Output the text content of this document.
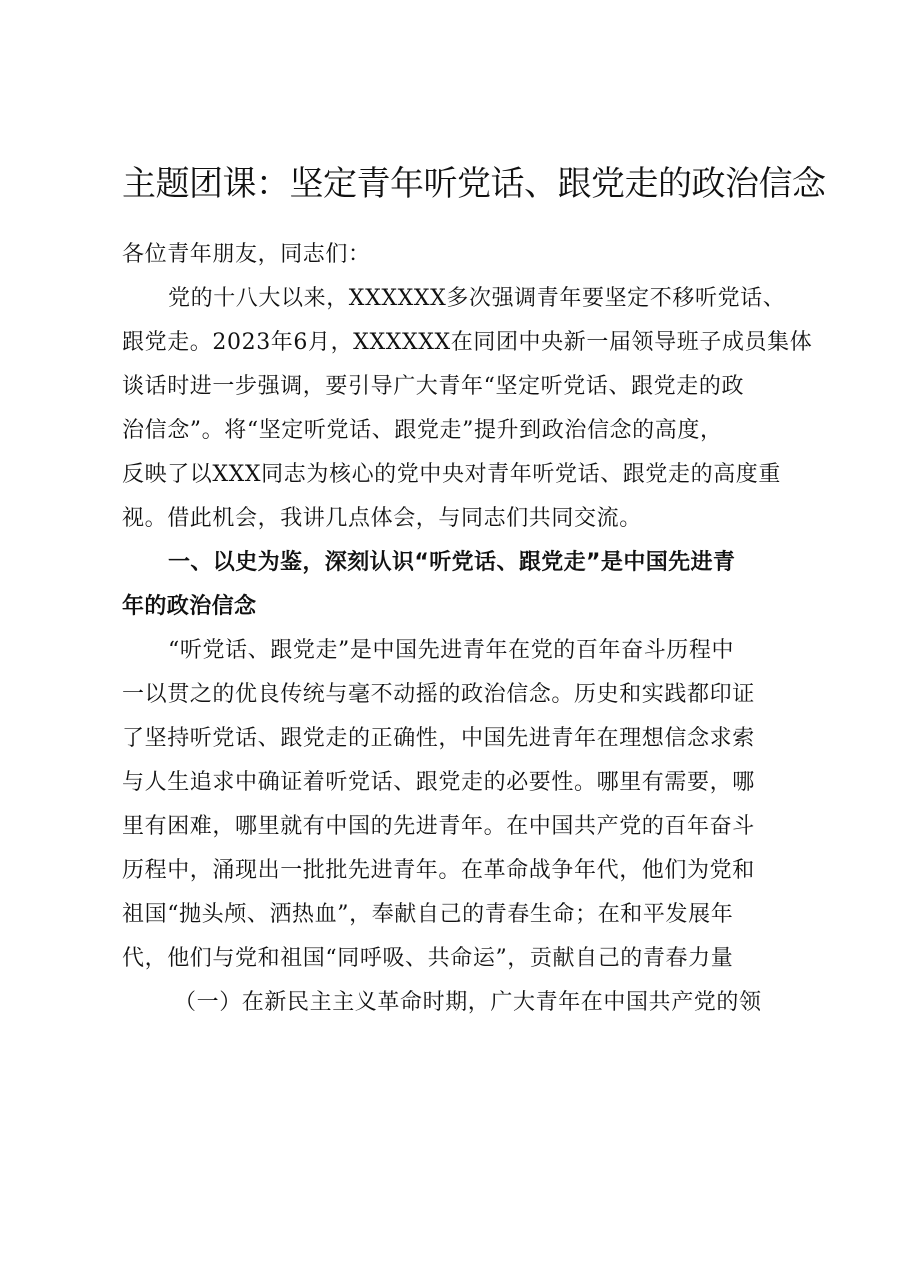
主题团课：坚定青年听党话、跟党走的政治信念
各位青年朋友，同志们：
党的十八大以来，XXXXXX多次强调青年要坚定不移听党话、
跟党走。2023年6月，XXXXXX在同团中央新一届领导班子成员集体
谈话时进一步强调，要引导广大青年“坚定听党话、跟党走的政
治信念”。将“坚定听党话、跟党走”提升到政治信念的高度，
反映了以XXX同志为核心的党中央对青年听党话、跟党走的高度重
视。借此机会，我讲几点体会，与同志们共同交流。
一、以史为鉴，深刻认识“听党话、跟党走”是中国先进青
年的政治信念
“听党话、跟党走”是中国先进青年在党的百年奋斗历程中
一以贯之的优良传统与毫不动摇的政治信念。历史和实践都印证
了坚持听党话、跟党走的正确性，中国先进青年在理想信念求索
与人生追求中确证着听党话、跟党走的必要性。哪里有需要，哪
里有困难，哪里就有中国的先进青年。在中国共产党的百年奋斗
历程中，涌现出一批批先进青年。在革命战争年代，他们为党和
祖国“抛头颅、洒热血”，奉献自己的青春生命；在和平发展年
代，他们与党和祖国“同呼吸、共命运”，贡献自己的青春力量
（一）在新民主主义革命时期，广大青年在中国共产党的领
